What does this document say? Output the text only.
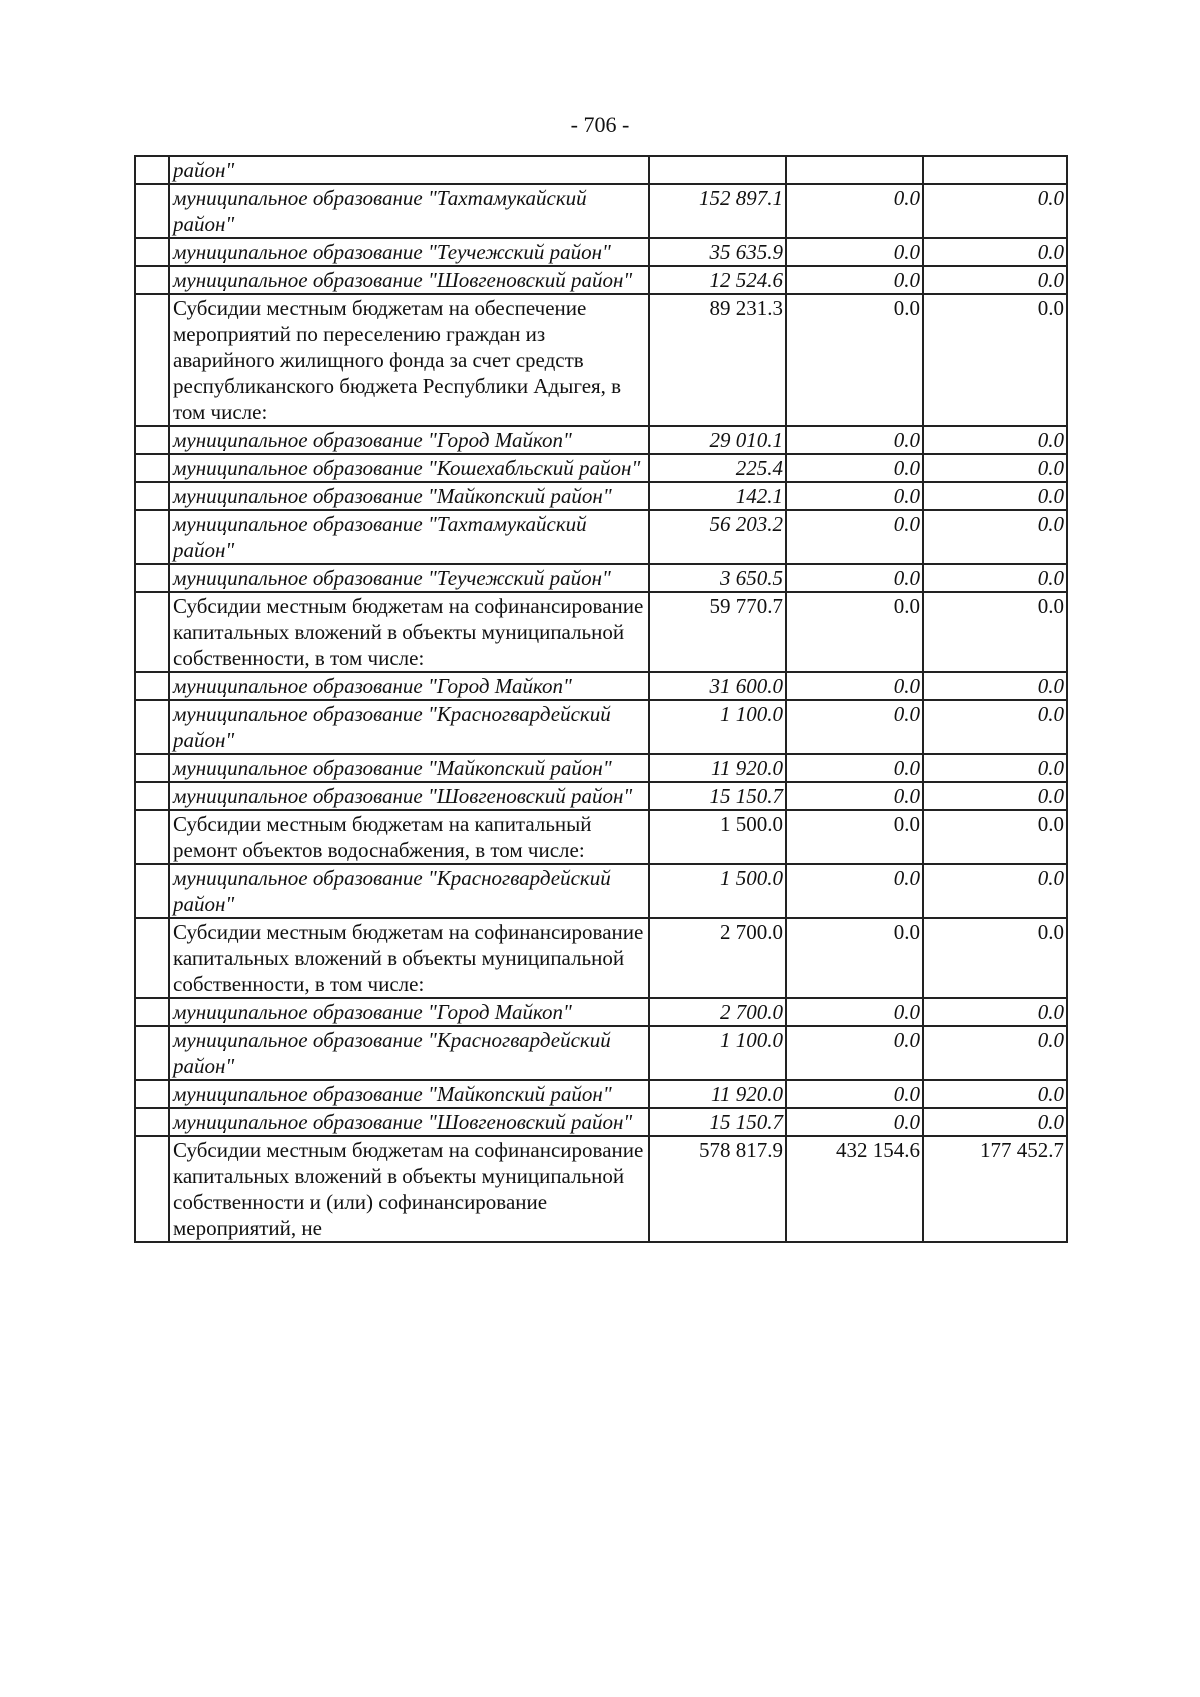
- 706 -
	район"			
	муниципальное образование "Тахтамукайский район"	152 897.1	0.0	0.0
	муниципальное образование "Теучежский район"	35 635.9	0.0	0.0
	муниципальное образование "Шовгеновский район"	12 524.6	0.0	0.0
	Субсидии местным бюджетам на обеспечение мероприятий по переселению граждан из аварийного жилищного фонда за счет средств республиканского бюджета Республики Адыгея, в том числе:	89 231.3	0.0	0.0
	муниципальное образование "Город Майкоп"	29 010.1	0.0	0.0
	муниципальное образование "Кошехабльский район"	225.4	0.0	0.0
	муниципальное образование "Майкопский район"	142.1	0.0	0.0
	муниципальное образование "Тахтамукайский район"	56 203.2	0.0	0.0
	муниципальное образование "Теучежский район"	3 650.5	0.0	0.0
	Субсидии местным бюджетам на софинансирование капитальных вложений в объекты муниципальной собственности, в том числе:	59 770.7	0.0	0.0
	муниципальное образование "Город Майкоп"	31 600.0	0.0	0.0
	муниципальное образование "Красногвардейский район"	1 100.0	0.0	0.0
	муниципальное образование "Майкопский район"	11 920.0	0.0	0.0
	муниципальное образование "Шовгеновский район"	15 150.7	0.0	0.0
	Субсидии местным бюджетам на капитальный ремонт объектов водоснабжения, в том числе:	1 500.0	0.0	0.0
	муниципальное образование "Красногвардейский район"	1 500.0	0.0	0.0
	Субсидии местным бюджетам на софинансирование капитальных вложений в объекты муниципальной собственности, в том числе:	2 700.0	0.0	0.0
	муниципальное образование "Город Майкоп"	2 700.0	0.0	0.0
	муниципальное образование "Красногвардейский район"	1 100.0	0.0	0.0
	муниципальное образование "Майкопский район"	11 920.0	0.0	0.0
	муниципальное образование "Шовгеновский район"	15 150.7	0.0	0.0
	Субсидии местным бюджетам на софинансирование капитальных вложений в объекты муниципальной собственности и (или) софинансирование мероприятий, не	578 817.9	432 154.6	177 452.7
